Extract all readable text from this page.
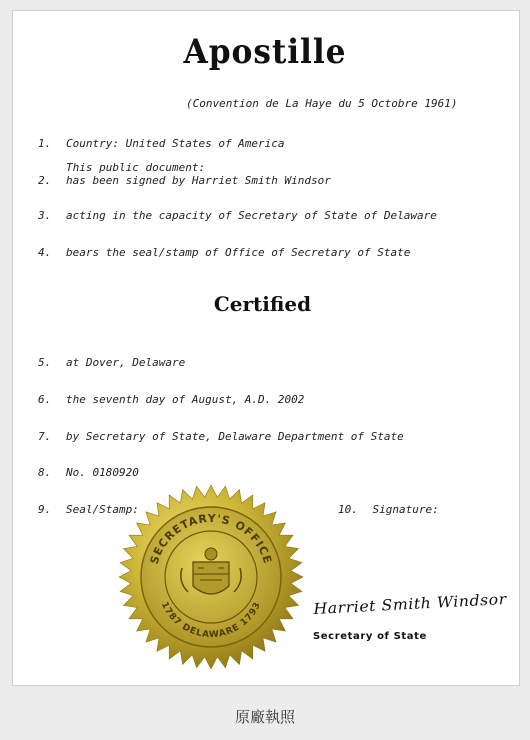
Apostille
(Convention de La Haye du 5 Octobre 1961)
1. Country: United States of America
This public document:
2. has been signed by Harriet Smith Windsor
3. acting in the capacity of Secretary of State of Delaware
4. bears the seal/stamp of Office of Secretary of State
Certified
5. at Dover, Delaware
6. the seventh day of August, A.D. 2002
7. by Secretary of State, Delaware Department of State
8. No. 0180920
9. Seal/Stamp:	10. Signature:
SECRETARY'S OFFICE
1787 DELAWARE 1793	Harriet Smith Windsor
Secretary of State
原廠執照
